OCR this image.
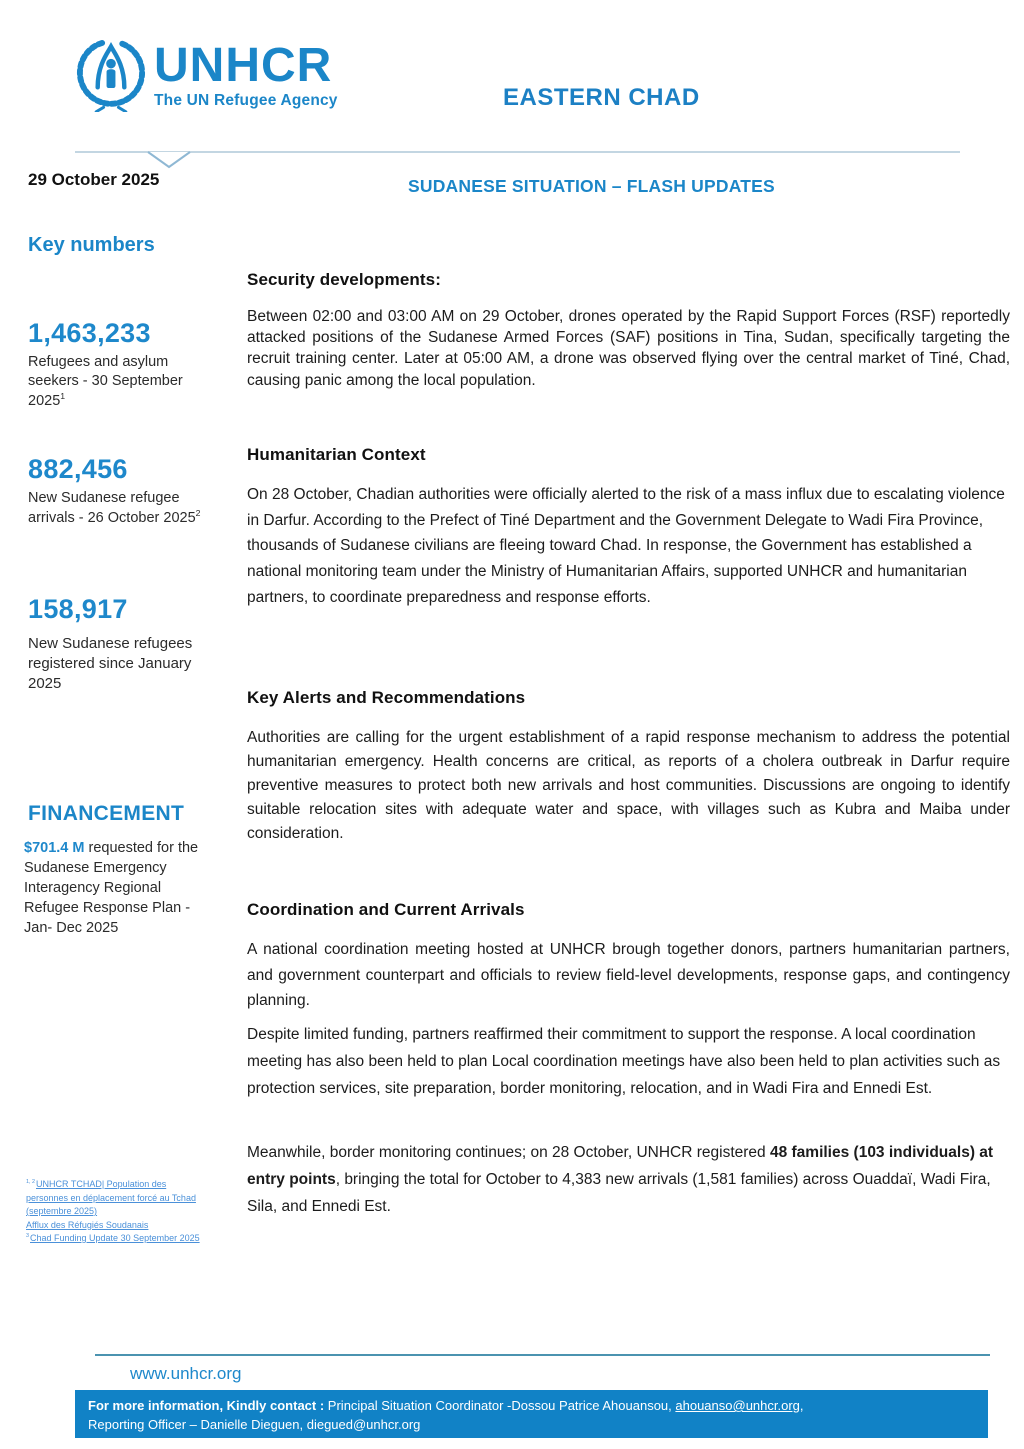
UNHCR
The UN Refugee Agency	EASTERN CHAD
29 October 2025	SUDANESE SITUATION – FLASH UPDATES
Key numbers
1,463,233
Refugees and asylum seekers - 30 September 2025$^1$
882,456
New Sudanese refugee arrivals - 26 October 2025$^2$
158,917
New Sudanese refugees registered since January 2025
FINANCEMENT
$701.4 M requested for the Sudanese Emergency Interagency Regional Refugee Response Plan - Jan- Dec 2025
$^{1, 2}$UNHCR TCHAD| Population des personnes en déplacement forcé au Tchad (septembre 2025)
Afflux des Réfugiés Soudanais
$^3$Chad Funding Update 30 September 2025
Security developments:
Between 02:00 and 03:00 AM on 29 October, drones operated by the Rapid Support Forces (RSF) reportedly attacked positions of the Sudanese Armed Forces (SAF) positions in Tina, Sudan, specifically targeting the recruit training center. Later at 05:00 AM, a drone was observed flying over the central market of Tiné, Chad, causing panic among the local population.
Humanitarian Context
On 28 October, Chadian authorities were officially alerted to the risk of a mass influx due to escalating violence in Darfur. According to the Prefect of Tiné Department and the Government Delegate to Wadi Fira Province, thousands of Sudanese civilians are fleeing toward Chad. In response, the Government has established a national monitoring team under the Ministry of Humanitarian Affairs, supported UNHCR and humanitarian partners, to coordinate preparedness and response efforts.
Key Alerts and Recommendations
Authorities are calling for the urgent establishment of a rapid response mechanism to address the potential humanitarian emergency. Health concerns are critical, as reports of a cholera outbreak in Darfur require preventive measures to protect both new arrivals and host communities. Discussions are ongoing to identify suitable relocation sites with adequate water and space, with villages such as Kubra and Maiba under consideration.
Coordination and Current Arrivals
A national coordination meeting hosted at UNHCR brough together donors, partners humanitarian partners, and government counterpart and officials to review field-level developments, response gaps, and contingency planning.
Despite limited funding, partners reaffirmed their commitment to support the response. A local coordination meeting has also been held to plan Local coordination meetings have also been held to plan activities such as protection services, site preparation, border monitoring, relocation, and in Wadi Fira and Ennedi Est.
Meanwhile, border monitoring continues; on 28 October, UNHCR registered 48 families (103 individuals) at entry points, bringing the total for October to 4,383 new arrivals (1,581 families) across Ouaddaï, Wadi Fira, Sila, and Ennedi Est.
www.unhcr.org
For more information, Kindly contact : Principal Situation Coordinator -Dossou Patrice Ahouansou, ahouanso@unhcr.org,
Reporting Officer – Danielle Dieguen, diegued@unhcr.org
